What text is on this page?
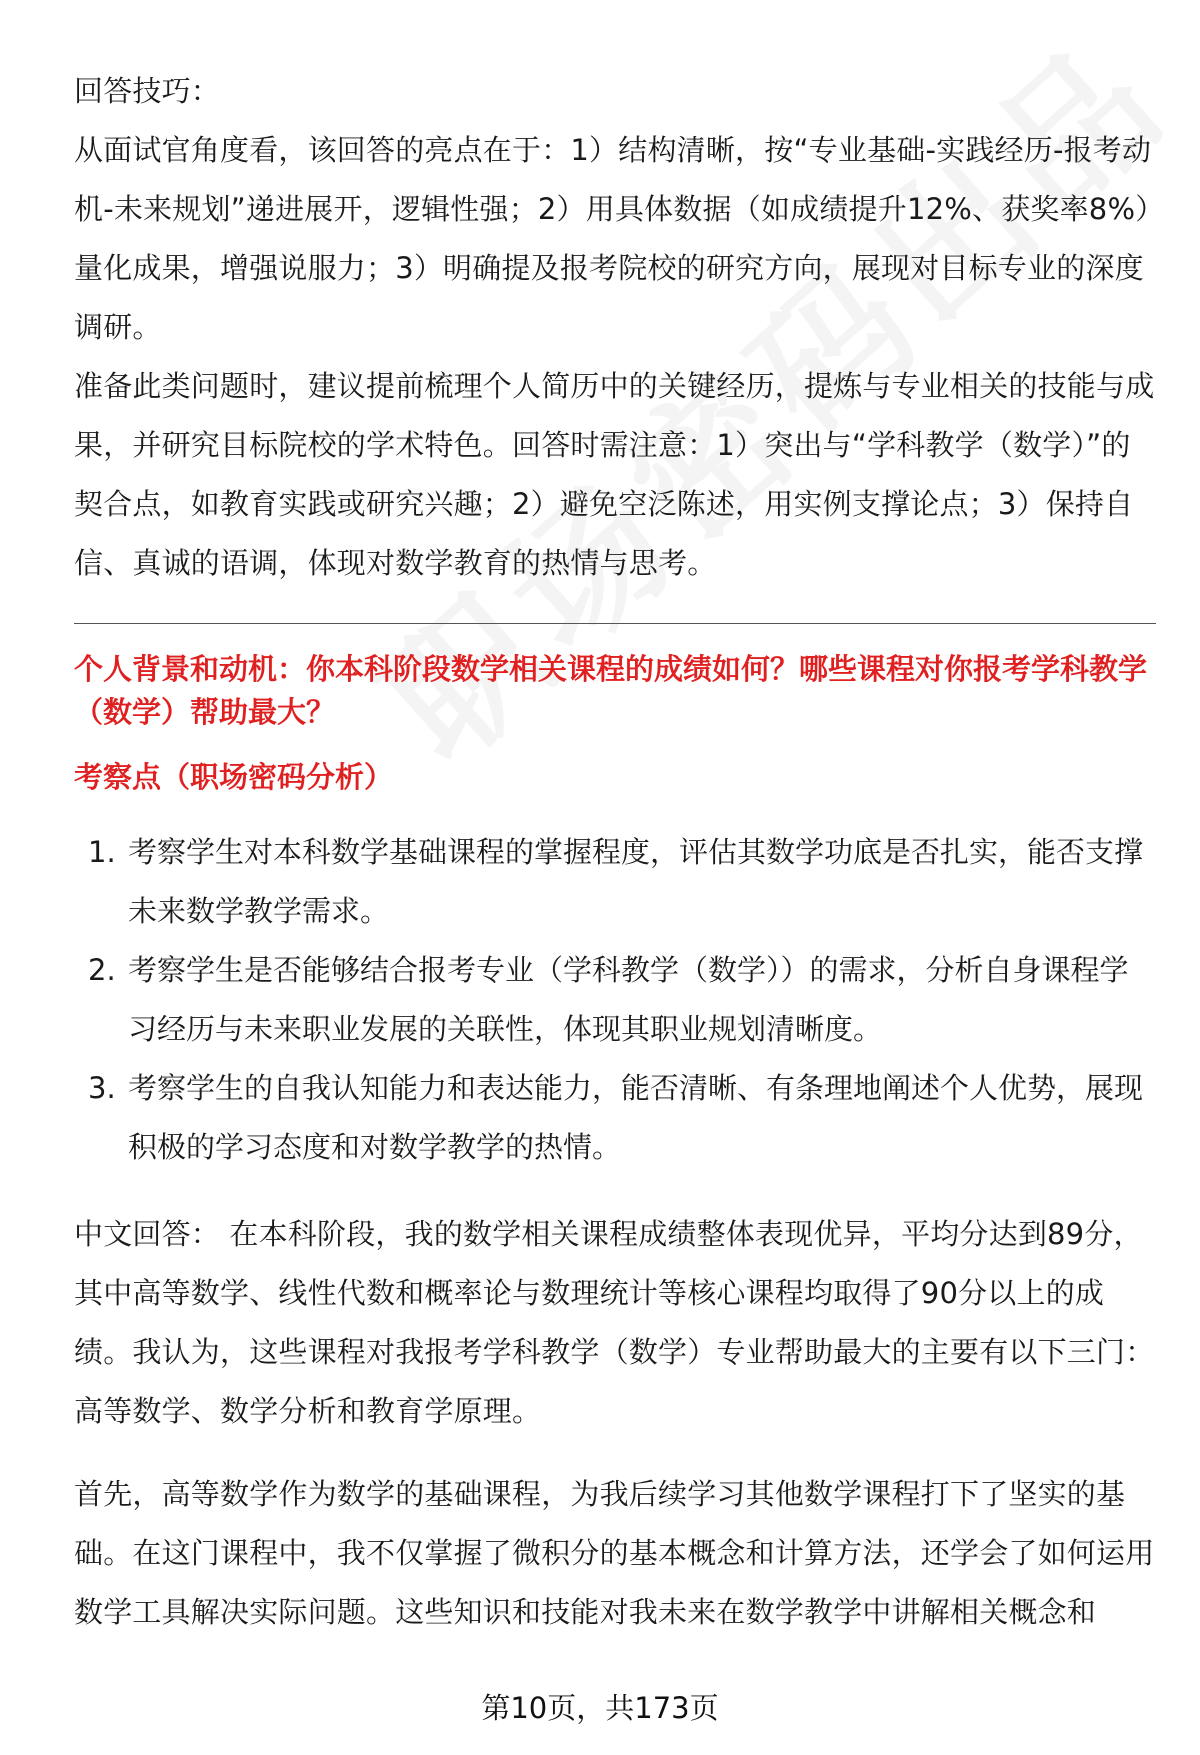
回答技巧：

从面试官角度看，该回答的亮点在于：1）结构清晰，按“专业基础-实践经历-报考动机-未来规划”递进展开，逻辑性强；2）用具体数据（如成绩提升12%、获奖率8%）量化成果，增强说服力；3）明确提及报考院校的研究方向，展现对目标专业的深度调研。

准备此类问题时，建议提前梳理个人简历中的关键经历，提炼与专业相关的技能与成果，并研究目标院校的学术特色。回答时需注意：1）突出与“学科教学（数学）”的契合点，如教育实践或研究兴趣；2）避免空泛陈述，用实例支撑论点；3）保持自信、真诚的语调，体现对数学教育的热情与思考。

个人背景和动机：你本科阶段数学相关课程的成绩如何？哪些课程对你报考学科教学（数学）帮助最大？

考察点（职场密码分析）

1. 考察学生对本科数学基础课程的掌握程度，评估其数学功底是否扎实，能否支撑未来数学教学需求。
2. 考察学生是否能够结合报考专业（学科教学（数学））的需求，分析自身课程学习经历与未来职业发展的关联性，体现其职业规划清晰度。
3. 考察学生的自我认知能力和表达能力，能否清晰、有条理地阐述个人优势，展现积极的学习态度和对数学教学的热情。

中文回答： 在本科阶段，我的数学相关课程成绩整体表现优异，平均分达到89分，其中高等数学、线性代数和概率论与数理统计等核心课程均取得了90分以上的成绩。我认为，这些课程对我报考学科教学（数学）专业帮助最大的主要有以下三门：高等数学、数学分析和教育学原理。

首先，高等数学作为数学的基础课程，为我后续学习其他数学课程打下了坚实的基础。在这门课程中，我不仅掌握了微积分的基本概念和计算方法，还学会了如何运用数学工具解决实际问题。这些知识和技能对我未来在数学教学中讲解相关概念和

第10页，共173页
